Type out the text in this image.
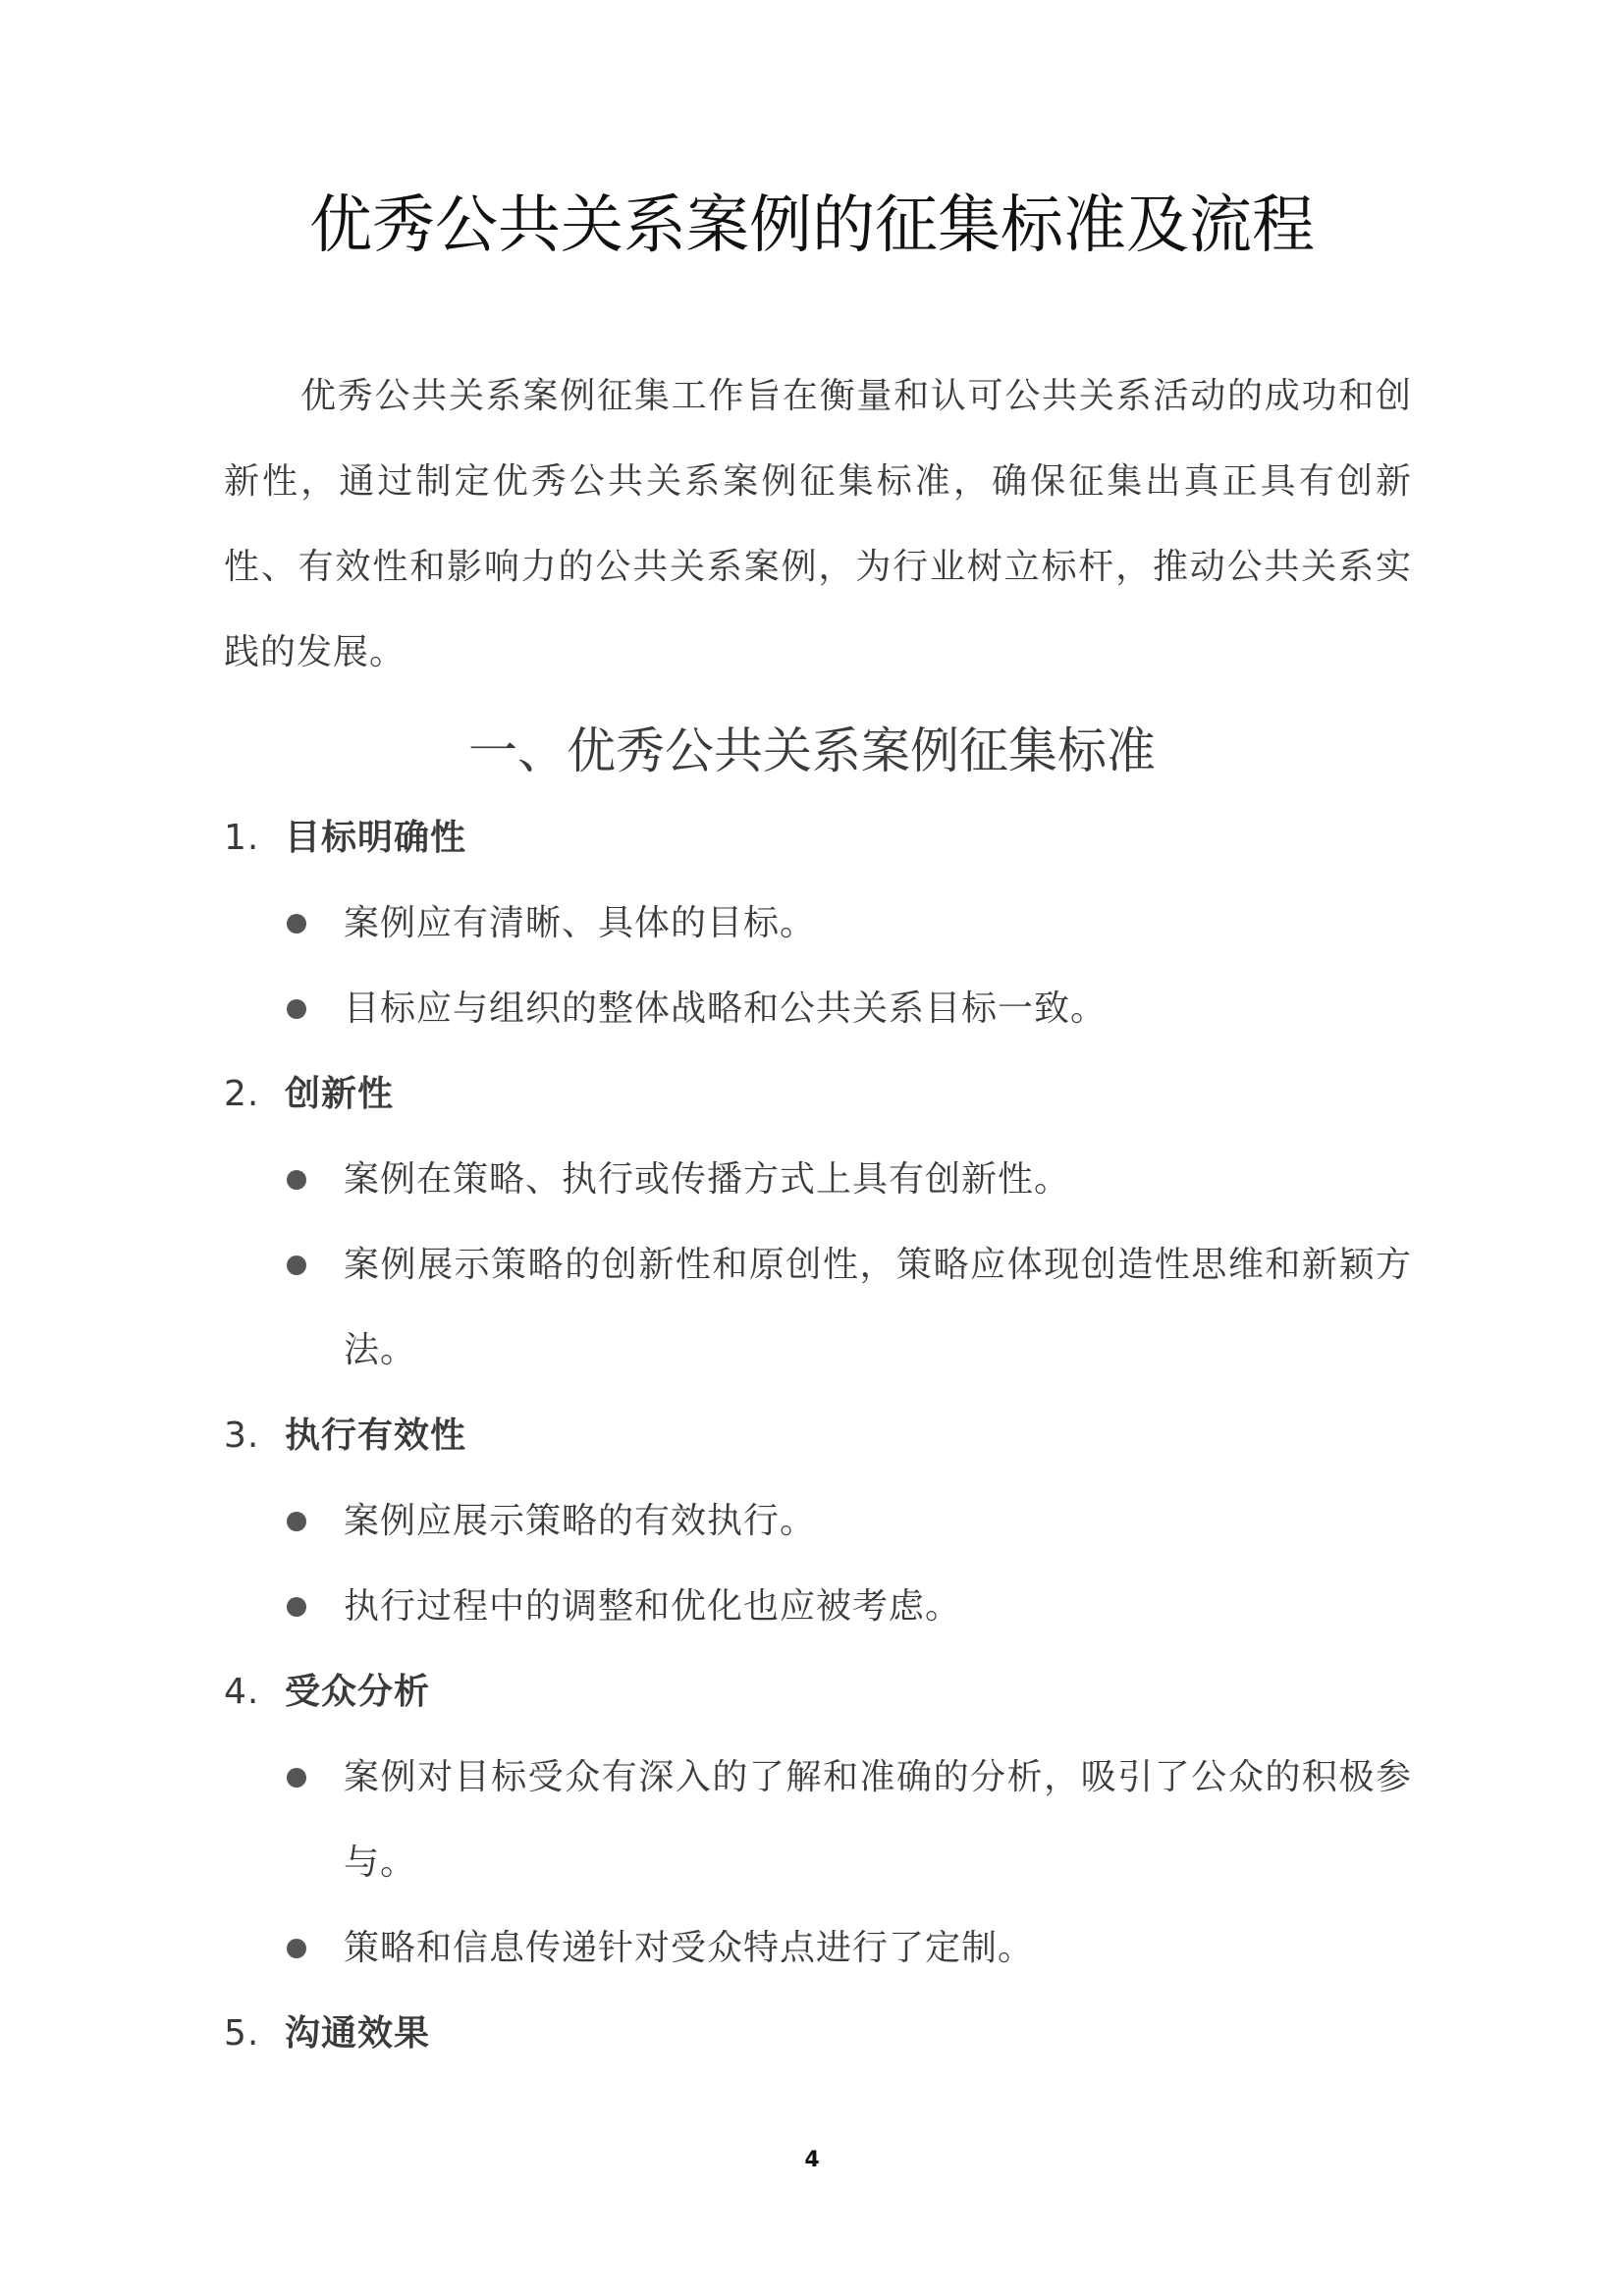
优秀公共关系案例的征集标准及流程

优秀公共关系案例征集工作旨在衡量和认可公共关系活动的成功和创新性，通过制定优秀公共关系案例征集标准，确保征集出真正具有创新性、有效性和影响力的公共关系案例，为行业树立标杆，推动公共关系实践的发展。

一、优秀公共关系案例征集标准

1. 目标明确性

案例应有清晰、具体的目标。
目标应与组织的整体战略和公共关系目标一致。

2. 创新性

案例在策略、执行或传播方式上具有创新性。
案例展示策略的创新性和原创性，策略应体现创造性思维和新颖方法。

3. 执行有效性

案例应展示策略的有效执行。
执行过程中的调整和优化也应被考虑。

4. 受众分析

案例对目标受众有深入的了解和准确的分析，吸引了公众的积极参与。
策略和信息传递针对受众特点进行了定制。

5. 沟通效果

4
